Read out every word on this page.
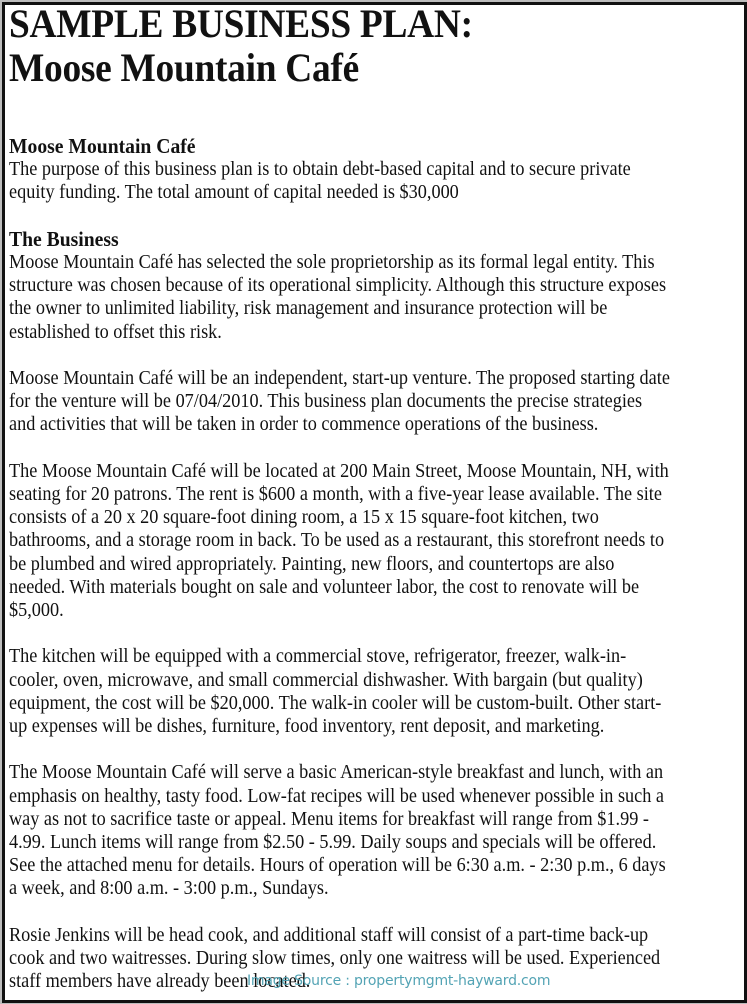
SAMPLE BUSINESS PLAN:
Moose Mountain Café
Moose Mountain Café

The purpose of this business plan is to obtain debt-based capital and to secure private
equity funding. The total amount of capital needed is $30,000

The Business

Moose Mountain Café has selected the sole proprietorship as its formal legal entity. This
structure was chosen because of its operational simplicity. Although this structure exposes
the owner to unlimited liability, risk management and insurance protection will be
established to offset this risk.

Moose Mountain Café will be an independent, start-up venture. The proposed starting date
for the venture will be 07/04/2010. This business plan documents the precise strategies
and activities that will be taken in order to commence operations of the business.

The Moose Mountain Café will be located at 200 Main Street, Moose Mountain, NH, with
seating for 20 patrons. The rent is $600 a month, with a five-year lease available. The site
consists of a 20 x 20 square-foot dining room, a 15 x 15 square-foot kitchen, two
bathrooms, and a storage room in back. To be used as a restaurant, this storefront needs to
be plumbed and wired appropriately. Painting, new floors, and countertops are also
needed. With materials bought on sale and volunteer labor, the cost to renovate will be
$5,000.

The kitchen will be equipped with a commercial stove, refrigerator, freezer, walk-in-
cooler, oven, microwave, and small commercial dishwasher. With bargain (but quality)
equipment, the cost will be $20,000. The walk-in cooler will be custom-built. Other start-
up expenses will be dishes, furniture, food inventory, rent deposit, and marketing.

The Moose Mountain Café will serve a basic American-style breakfast and lunch, with an
emphasis on healthy, tasty food. Low-fat recipes will be used whenever possible in such a
way as not to sacrifice taste or appeal. Menu items for breakfast will range from $1.99 -
4.99. Lunch items will range from $2.50 - 5.99. Daily soups and specials will be offered.
See the attached menu for details. Hours of operation will be 6:30 a.m. - 2:30 p.m., 6 days
a week, and 8:00 a.m. - 3:00 p.m., Sundays.

Rosie Jenkins will be head cook, and additional staff will consist of a part-time back-up
cook and two waitresses. During slow times, only one waitress will be used. Experienced
staff members have already been located.

Image Source : propertymgmt-hayward.com
